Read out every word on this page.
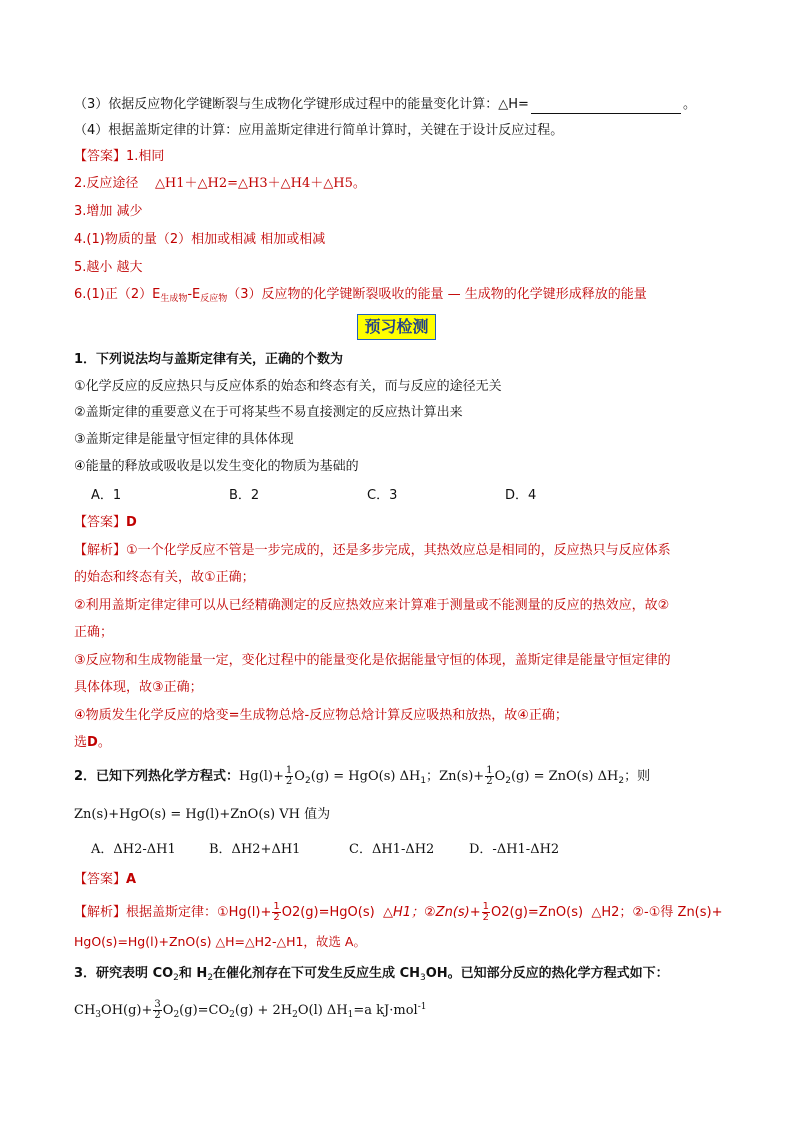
（3）依据反应物化学键断裂与生成物化学键形成过程中的能量变化计算：△H=	。
（4）根据盖斯定律的计算：应用盖斯定律进行简单计算时，关键在于设计反应过程。
【答案】1.相同
2.反应途径 △H1＋△H2=△H3＋△H4＋△H5。
3.增加 减少
4.(1)物质的量（2）相加或相减 相加或相减
5.越小 越大
6.(1)正$(2)E_{生成物}-E_{反应物}(3)$反应物的化学键断裂吸收的能量 — 生成物的化学键形成释放的能量
预习检测
1．下列说法均与盖斯定律有关，正确的个数为
①化学反应的反应热只与反应体系的始态和终态有关，而与反应的途径无关
②盖斯定律的重要意义在于可将某些不易直接测定的反应热计算出来
③盖斯定律是能量守恒定律的具体体现
④能量的释放或吸收是以发生变化的物质为基础的
A．1	B．2	C．3	D．4
【答案】D
【解析】①一个化学反应不管是一步完成的，还是多步完成，其热效应总是相同的，反应热只与反应体系
的始态和终态有关，故①正确；
②利用盖斯定律定律可以从已经精确测定的反应热效应来计算难于测量或不能测量的反应的热效应，故②
正确；
③反应物和生成物能量一定，变化过程中的能量变化是依据能量守恒的体现，盖斯定律是能量守恒定律的
具体体现，故③正确；
④物质发生化学反应的焓变=生成物总焓-反应物总焓计算反应吸热和放热，故④正确；
选D。
2．已知下列热化学方程式：$Hg(l)+ \frac{1}{2} O_2(g) = HgO(s)$ $\Delta H_1$；$Zn(s)+ \frac{1}{2} O_2(g) = ZnO(s)$ $\Delta H_2$；则
Zn(s)+HgO(s) = Hg(l)+ZnO(s) VH 值为
A．ΔH2-ΔH1	B．ΔH2+ΔH1	C．ΔH1-ΔH2	D．-ΔH1-ΔH2
【答案】A
【解析】根据盖斯定律：①Hg(l)+ $\frac{1}{2} O2(g)=HgO(s)$ △H1；②Zn(s)+ $\frac{1}{2} O2(g)=ZnO(s)$ △H2；②-①得 Zn(s)+
HgO(s)=Hg(l)+ZnO(s) △H=△H2-△H1，故选 A。
3．研究表明 $CO_2$和 $H_2$在催化剂存在下可发生反应生成 $CH_3OH$。已知部分反应的热化学方程式如下：
$CH_3OH(g)+ \frac{3}{2} O_2(g)=CO_2(g) + 2H_2O(l)$ $\Delta H_1=a$ kJ·mol$^{-1}$
